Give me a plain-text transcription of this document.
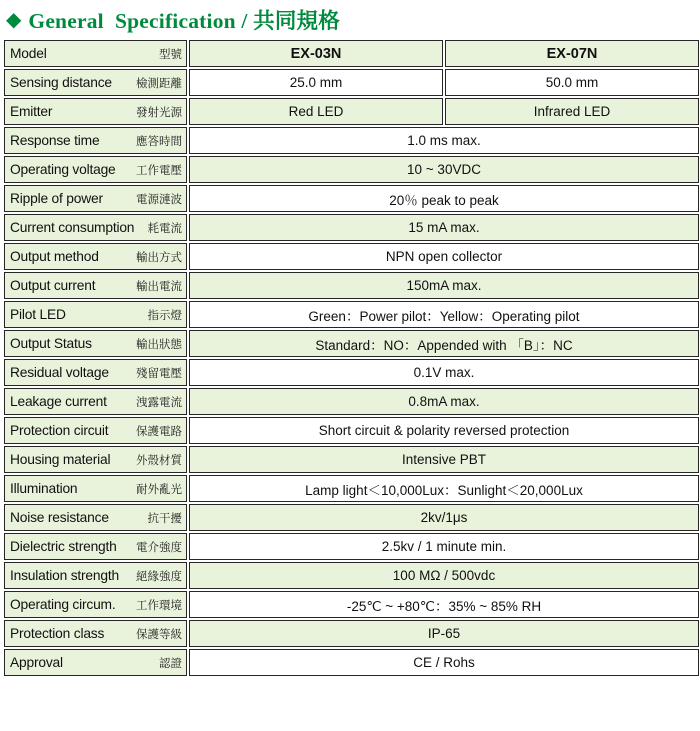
◆ General  Specification / 共同規格
Model 型號	EX-03N	EX-07N

Sensing distance 檢測距離	25.0 mm	50.0 mm

Emitter 發射光源	Red LED	Infrared LED

Response time 應答時間	1.0 ms max.	

Operating voltage 工作電壓	10 ~ 30VDC	

Ripple of power 電源漣波	20％ peak to peak	

Current consumption 耗電流	15 mA max.	

Output method 輸出方式	NPN open collector	

Output current 輸出電流	150mA max.	

Pilot LED 指示燈	Green：Power pilot：Yellow：Operating pilot	

Output Status 輸出狀態	Standard：NO：Appended with 「B」：NC	

Residual voltage 殘留電壓	0.1V max.	

Leakage current 洩露電流	0.8mA max.	

Protection circuit 保護電路	Short circuit & polarity reversed protection	

Housing material 外殼材質	Intensive PBT	

Illumination 耐外亂光	Lamp light＜10,000Lux：Sunlight＜20,000Lux	

Noise resistance 抗干擾	2kv/1μs	

Dielectric strength 電介強度	2.5kv / 1 minute min.	

Insulation strength 絕緣強度	100 MΩ / 500vdc	

Operating circum. 工作環境	-25℃ ~ +80℃：35% ~ 85% RH	

Protection class 保護等級	IP-65	

Approval 認證	CE / Rohs	
